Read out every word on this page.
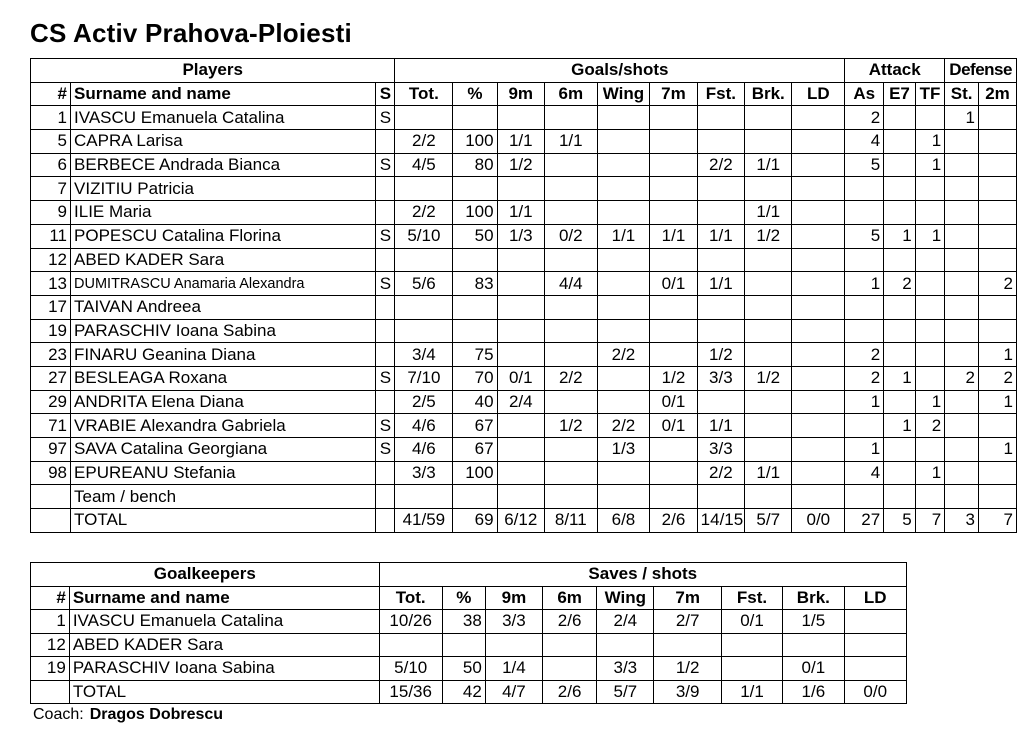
CS Activ Prahova-Ploiesti
Players			Goals/shots									Attack			Defense	
#	Surname and name	S	Tot.	%	9m	6m	Wing	7m	Fst.	Brk.	LD	As	E7	TF	St.	2m
1	IVASCU Emanuela Catalina	S										2			1	
5	CAPRA Larisa		2/2	100	1/1	1/1						4		1		
6	BERBECE Andrada Bianca	S	4/5	80	1/2				2/2	1/1		5		1		
7	VIZITIU Patricia															
9	ILIE Maria		2/2	100	1/1					1/1						
11	POPESCU Catalina Florina	S	5/10	50	1/3	0/2	1/1	1/1	1/1	1/2		5	1	1		
12	ABED KADER Sara															
13	DUMITRASCU Anamaria Alexandra	S	5/6	83		4/4		0/1	1/1			1	2			2
17	TAIVAN Andreea															
19	PARASCHIV Ioana Sabina															
23	FINARU Geanina Diana		3/4	75			2/2		1/2			2				1
27	BESLEAGA Roxana	S	7/10	70	0/1	2/2		1/2	3/3	1/2		2	1		2	2
29	ANDRITA Elena Diana		2/5	40	2/4			0/1				1		1		1
71	VRABIE Alexandra Gabriela	S	4/6	67		1/2	2/2	0/1	1/1				1	2		
97	SAVA Catalina Georgiana	S	4/6	67			1/3		3/3			1				1
98	EPUREANU Stefania		3/3	100					2/2	1/1		4		1		
	Team / bench															
	TOTAL		41/59	69	6/12	8/11	6/8	2/6	14/15	5/7	0/0	27	5	7	3	7
Goalkeepers		Saves / shots								
#	Surname and name	Tot.	%	9m	6m	Wing	7m	Fst.	Brk.	LD
1	IVASCU Emanuela Catalina	10/26	38	3/3	2/6	2/4	2/7	0/1	1/5	
12	ABED KADER Sara									
19	PARASCHIV Ioana Sabina	5/10	50	1/4		3/3	1/2		0/1	
	TOTAL	15/36	42	4/7	2/6	5/7	3/9	1/1	1/6	0/0
Coach: Dragos Dobrescu
